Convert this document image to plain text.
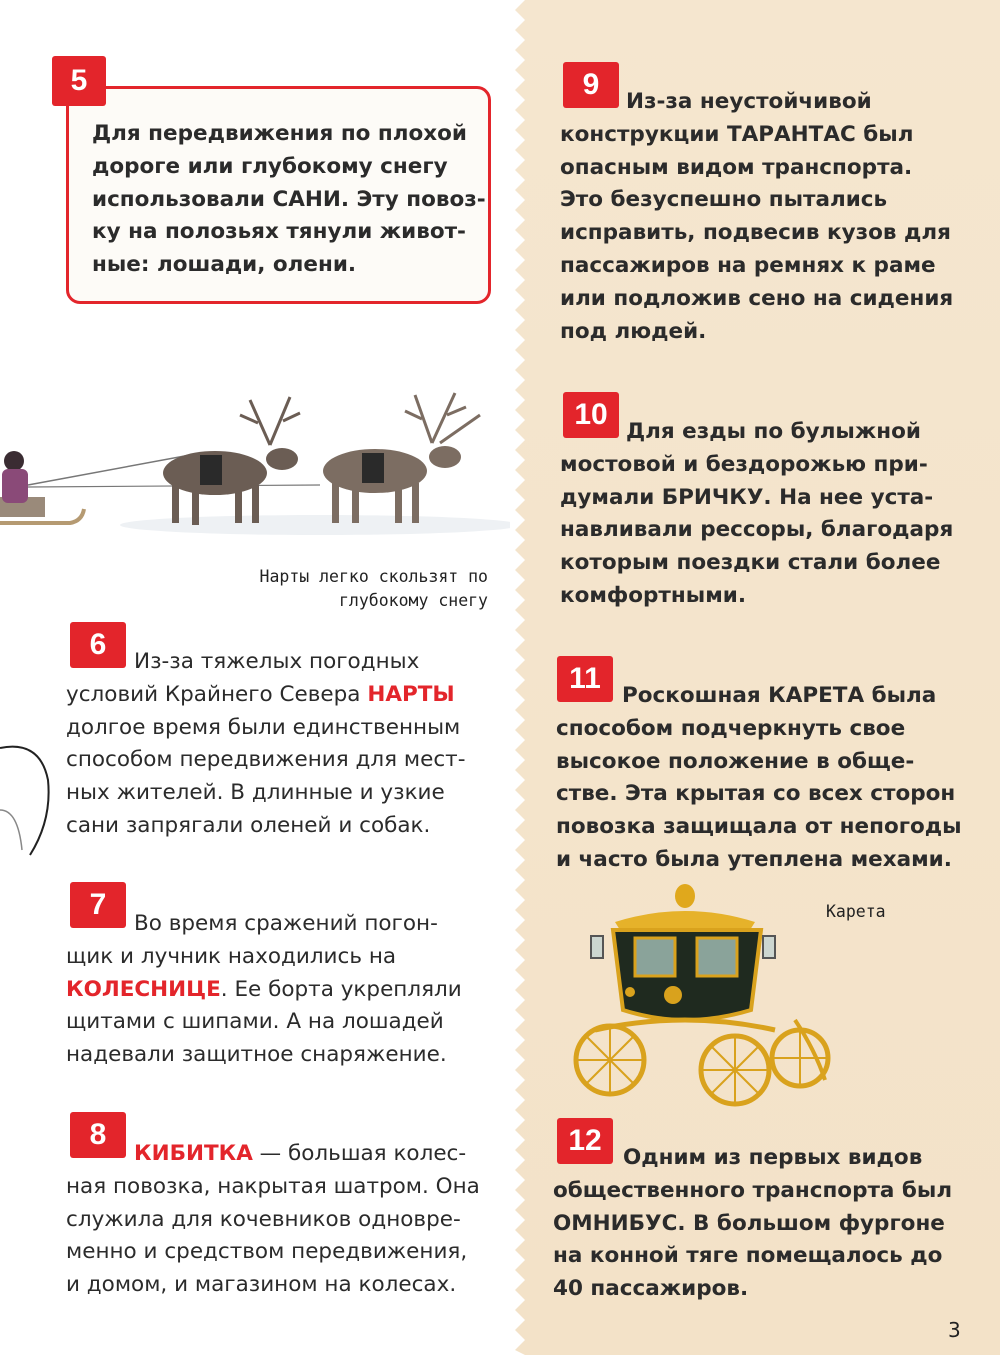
5
Для передвижения по плохой
дороге или глубокому снегу
использовали САНИ. Эту повоз-
ку на полозьях тянули живот-
ные: лошади, олени.
Нарты легко скользят по
глубокому снегу
6
Из-за тяжелых погодных
условий Крайнего Севера НАРТЫ
долгое время были единственным
способом передвижения для мест-
ных жителей. В длинные и узкие
сани запрягали оленей и собак.
7
Во время сражений погон-
щик и лучник находились на
КОЛЕСНИЦЕ. Ее борта укрепляли
щитами с шипами. А на лошадей
надевали защитное снаряжение.
8
КИБИТКА — большая колес-
ная повозка, накрытая шатром. Она
служила для кочевников одновре-
менно и средством передвижения,
и домом, и магазином на колесах.
9
Из-за неустойчивой
конструкции ТАРАНТАС был
опасным видом транспорта.
Это безуспешно пытались
исправить, подвесив кузов для
пассажиров на ремнях к раме
или подложив сено на сидения
под людей.
10
Для езды по булыжной
мостовой и бездорожью при-
думали БРИЧКУ. На нее уста-
навливали рессоры, благодаря
которым поездки стали более
комфортными.
11
Роскошная КАРЕТА была
способом подчеркнуть свое
высокое положение в обще-
стве. Эта крытая со всех сторон
повозка защищала от непогоды
и часто была утеплена мехами.
Карета
12
Одним из первых видов
общественного транспорта был
ОМНИБУС. В большом фургоне
на конной тяге помещалось до
40 пассажиров.
3
